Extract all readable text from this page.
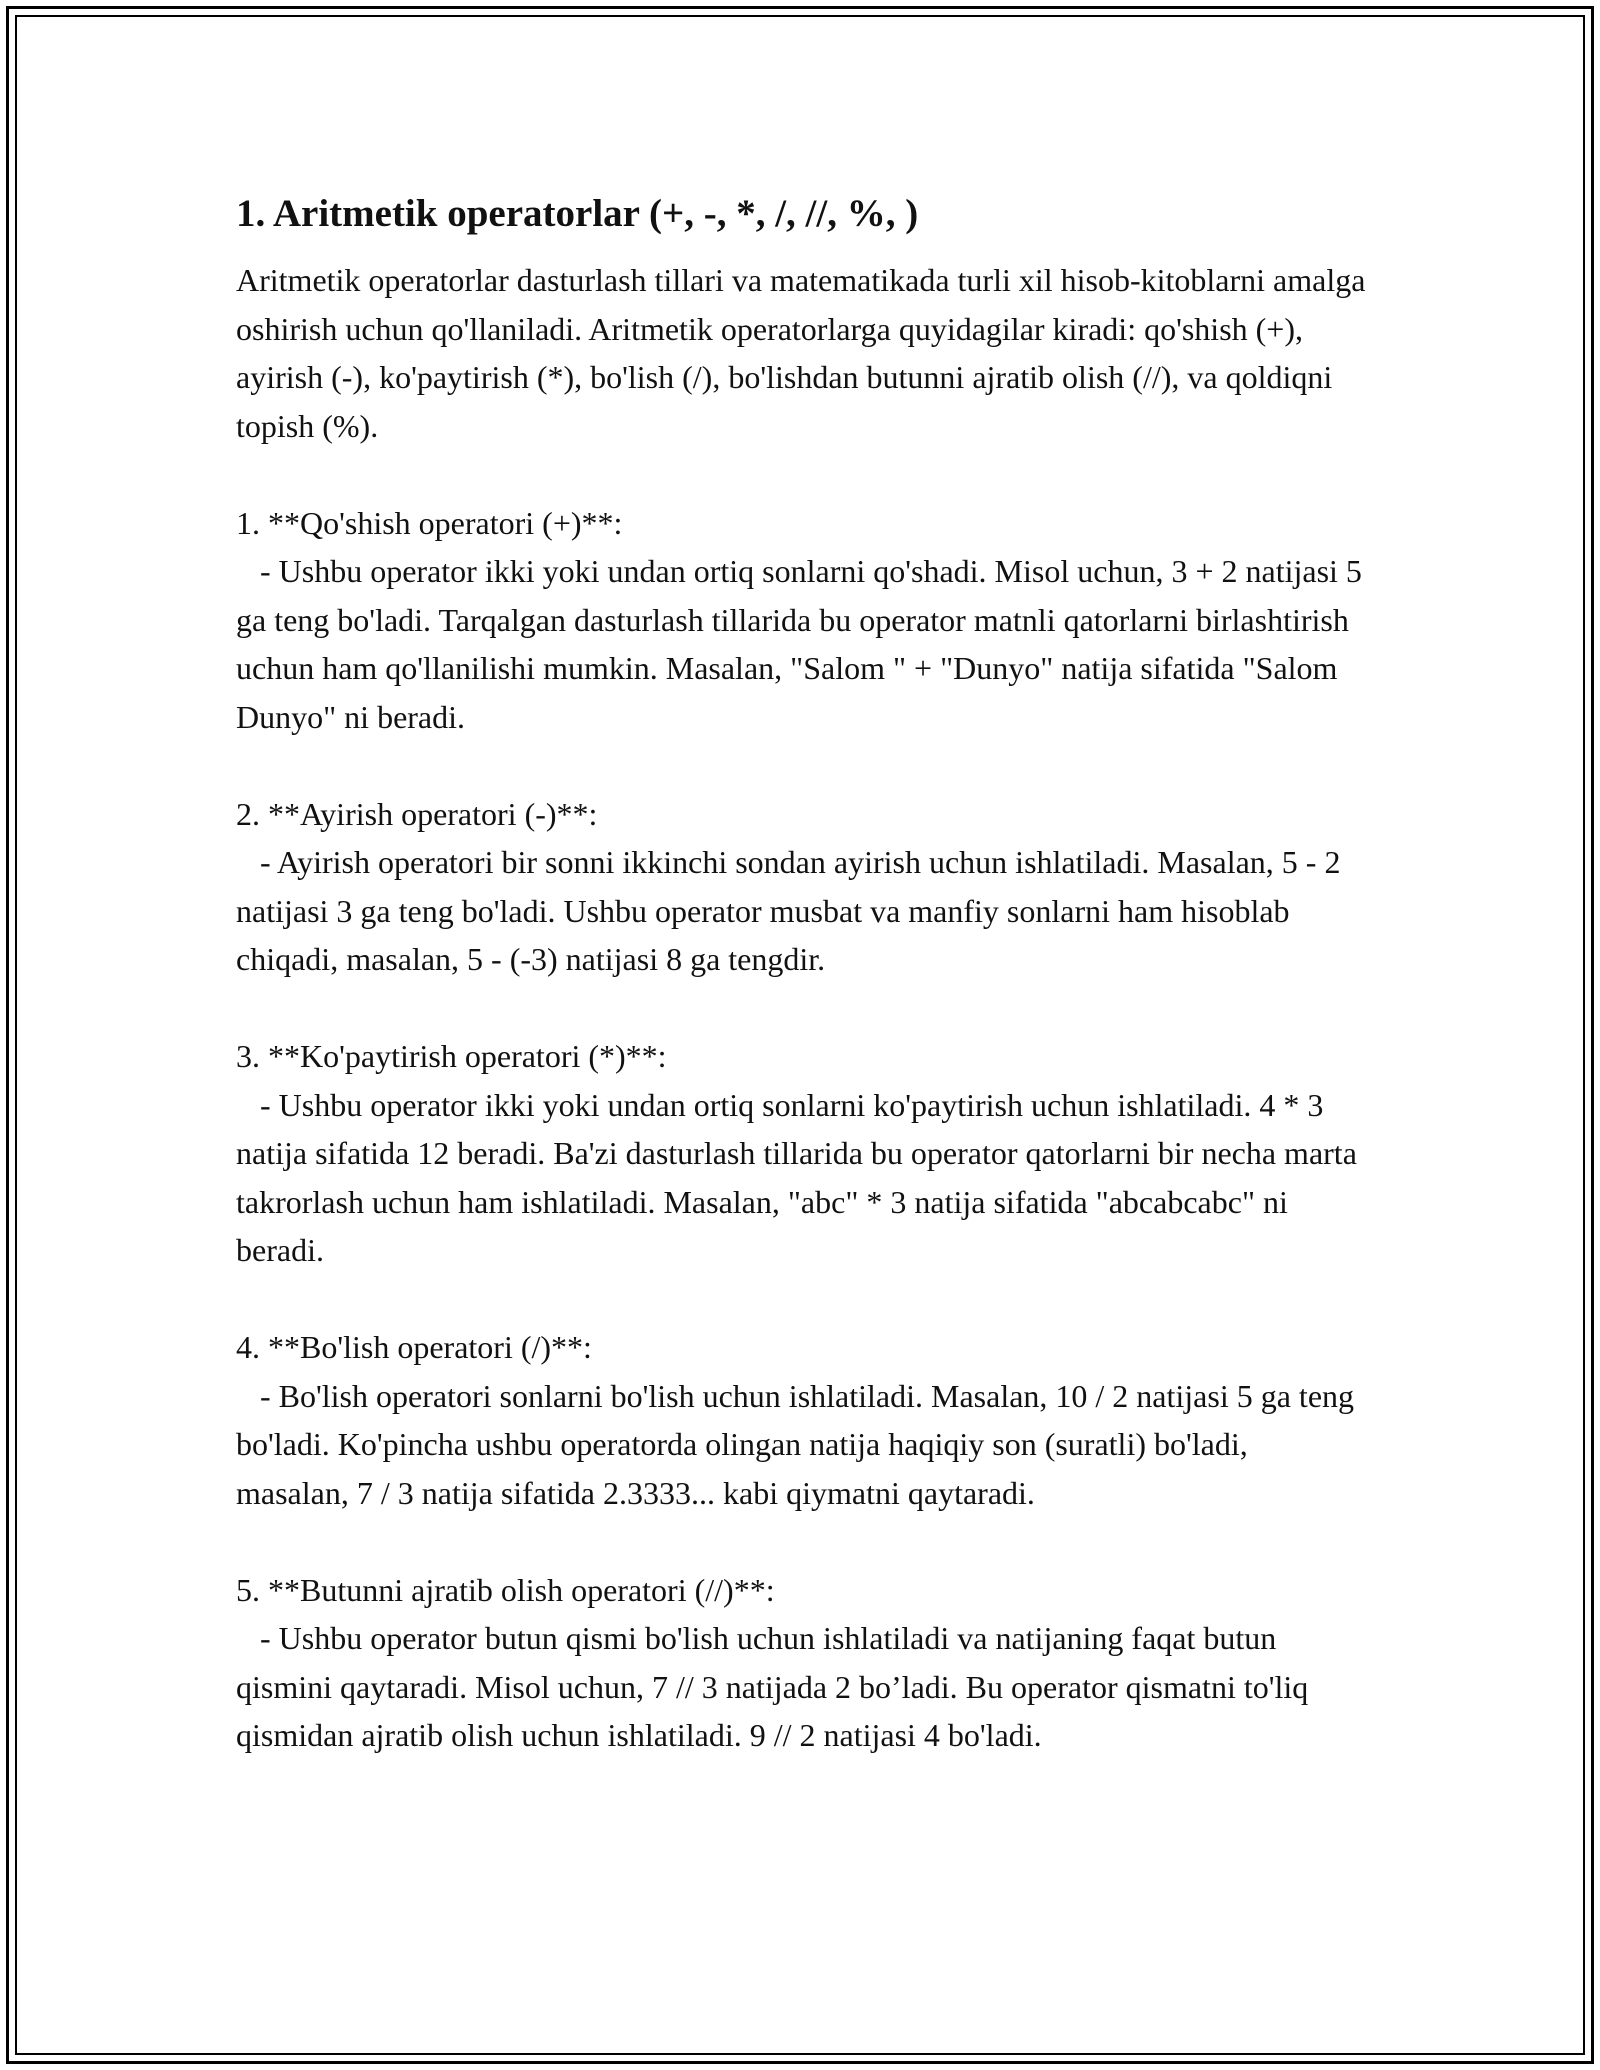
1. Aritmetik operatorlar (+, -, *, /, //, %, )

Aritmetik operatorlar dasturlash tillari va matematikada turli xil hisob-kitoblarni amalga oshirish uchun qo'llaniladi. Aritmetik operatorlarga quyidagilar kiradi: qo'shish (+), ayirish (-), ko'paytirish (*), bo'lish (/), bo'lishdan butunni ajratib olish (//), va qoldiqni topish (%).

1. **Qo'shish operatori (+)**:
- Ushbu operator ikki yoki undan ortiq sonlarni qo'shadi. Misol uchun, 3 + 2 natijasi 5 ga teng bo'ladi. Tarqalgan dasturlash tillarida bu operator matnli qatorlarni birlashtirish uchun ham qo'llanilishi mumkin. Masalan, "Salom " + "Dunyo" natija sifatida "Salom Dunyo" ni beradi.
2. **Ayirish operatori (-)**:
- Ayirish operatori bir sonni ikkinchi sondan ayirish uchun ishlatiladi. Masalan, 5 - 2 natijasi 3 ga teng bo'ladi. Ushbu operator musbat va manfiy sonlarni ham hisoblab chiqadi, masalan, 5 - (-3) natijasi 8 ga tengdir.
3. **Ko'paytirish operatori (*)**:
- Ushbu operator ikki yoki undan ortiq sonlarni ko'paytirish uchun ishlatiladi. 4 * 3 natija sifatida 12 beradi. Ba'zi dasturlash tillarida bu operator qatorlarni bir necha marta takrorlash uchun ham ishlatiladi. Masalan, "abc" * 3 natija sifatida "abcabcabc" ni beradi.
4. **Bo'lish operatori (/)**:
- Bo'lish operatori sonlarni bo'lish uchun ishlatiladi. Masalan, 10 / 2 natijasi 5 ga teng bo'ladi. Ko'pincha ushbu operatorda olingan natija haqiqiy son (suratli) bo'ladi, masalan, 7 / 3 natija sifatida 2.3333... kabi qiymatni qaytaradi.
5. **Butunni ajratib olish operatori (//)**:
- Ushbu operator butun qismi bo'lish uchun ishlatiladi va natijaning faqat butun qismini qaytaradi. Misol uchun, 7 // 3 natijada 2 bo’ladi. Bu operator qismatni to'liq qismidan ajratib olish uchun ishlatiladi. 9 // 2 natijasi 4 bo'ladi.
